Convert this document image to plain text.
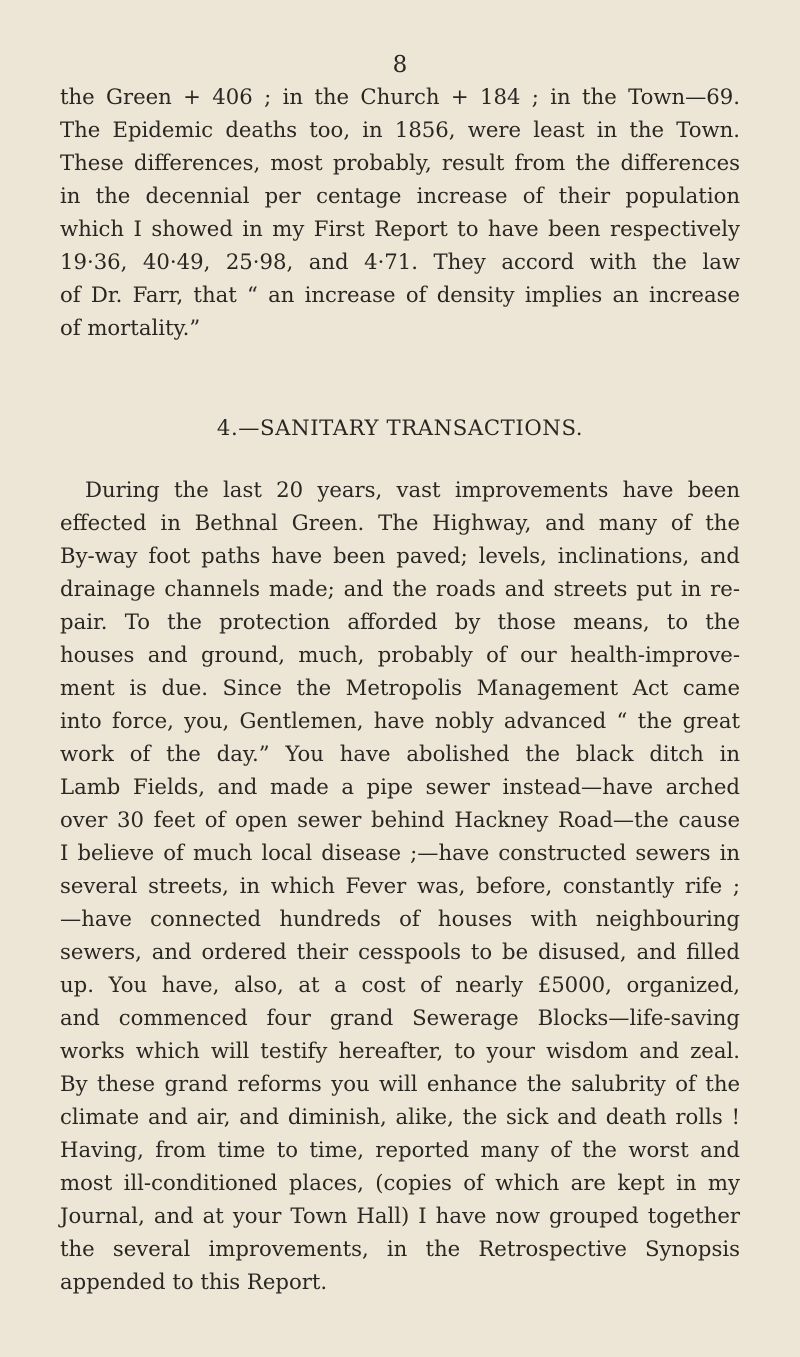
8
the Green + 406 ; in the Church + 184 ; in the Town—69.
The Epidemic deaths too, in 1856, were least in the Town.
These differences, most probably, result from the differences
in the decennial per centage increase of their population
which I showed in my First Report to have been respectively
19·36, 40·49, 25·98, and 4·71. They accord with the law
of Dr. Farr, that “ an increase of density implies an increase
of mortality.”
4.—SANITARY TRANSACTIONS.
During the last 20 years, vast improvements have been
effected in Bethnal Green. The Highway, and many of the
By-way foot paths have been paved; levels, inclinations, and
drainage channels made; and the roads and streets put in re-
pair. To the protection afforded by those means, to the
houses and ground, much, probably of our health-improve-
ment is due. Since the Metropolis Management Act came
into force, you, Gentlemen, have nobly advanced “ the great
work of the day.” You have abolished the black ditch in
Lamb Fields, and made a pipe sewer instead—have arched
over 30 feet of open sewer behind Hackney Road—the cause
I believe of much local disease ;—have constructed sewers in
several streets, in which Fever was, before, constantly rife ;
—have connected hundreds of houses with neighbouring
sewers, and ordered their cesspools to be disused, and filled
up. You have, also, at a cost of nearly £5000, organized,
and commenced four grand Sewerage Blocks—life-saving
works which will testify hereafter, to your wisdom and zeal.
By these grand reforms you will enhance the salubrity of the
climate and air, and diminish, alike, the sick and death rolls !
Having, from time to time, reported many of the worst and
most ill-conditioned places, (copies of which are kept in my
Journal, and at your Town Hall) I have now grouped together
the several improvements, in the Retrospective Synopsis
appended to this Report.
